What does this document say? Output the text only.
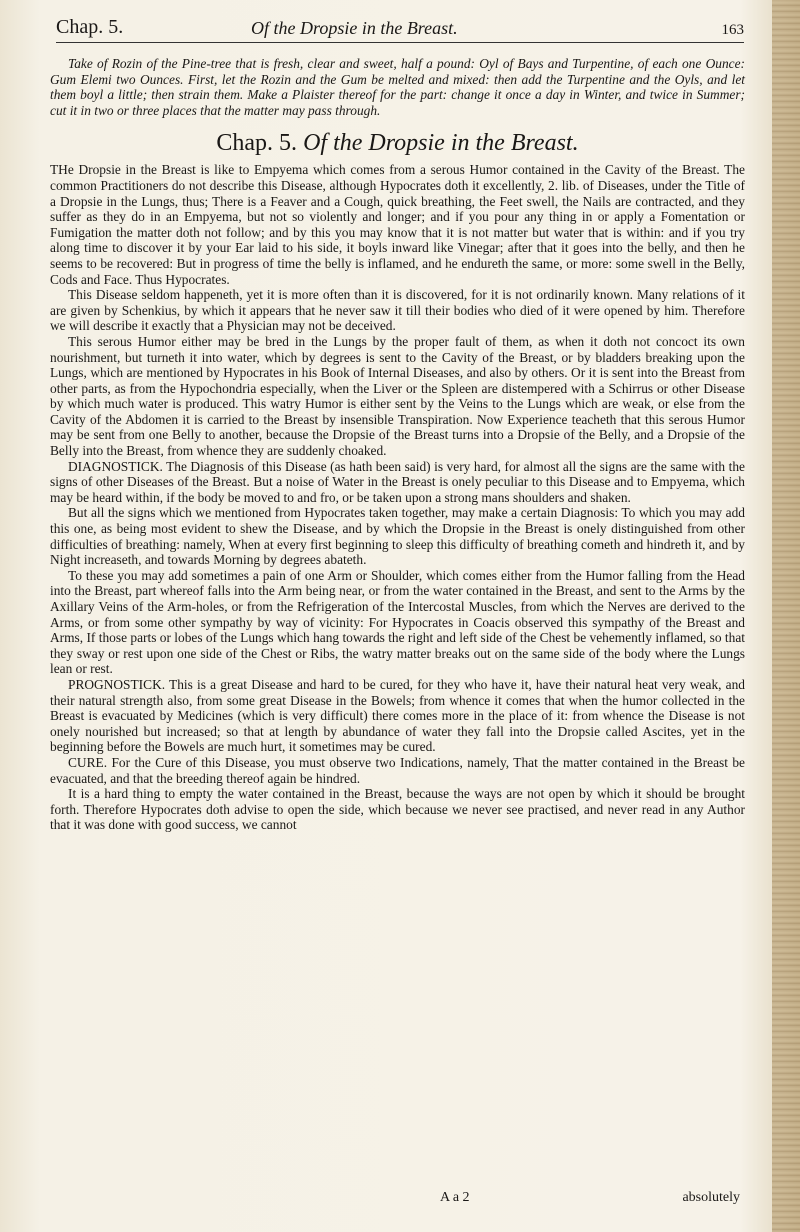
Chap. 5.	Of the Dropsie in the Breast.	163

Take of Rozin of the Pine-tree that is fresh, clear and sweet, half a pound: Oyl of Bays and Turpentine, of each one Ounce: Gum Elemi two Ounces. First, let the Rozin and the Gum be melted and mixed: then add the Turpentine and the Oyls, and let them boyl a little; then strain them. Make a Plaister thereof for the part: change it once a day in Winter, and twice in Summer; cut it in two or three places that the matter may pass through.

Chap. 5. Of the Dropsie in the Breast.

THe Dropsie in the Breast is like to Empyema which comes from a serous Humor contained in the Cavity of the Breast. The common Practitioners do not describe this Disease, although Hypocrates doth it excellently, 2. lib. of Diseases, under the Title of a Dropsie in the Lungs, thus; There is a Feaver and a Cough, quick breathing, the Feet swell, the Nails are contracted, and they suffer as they do in an Empyema, but not so violently and longer; and if you pour any thing in or apply a Fomentation or Fumigation the matter doth not follow; and by this you may know that it is not matter but water that is within: and if you try along time to discover it by your Ear laid to his side, it boyls inward like Vinegar; after that it goes into the belly, and then he seems to be recovered: But in progress of time the belly is inflamed, and he endureth the same, or more: some swell in the Belly, Cods and Face. Thus Hypocrates.

This Disease seldom happeneth, yet it is more often than it is discovered, for it is not ordinarily known. Many relations of it are given by Schenkius, by which it appears that he never saw it till their bodies who died of it were opened by him. Therefore we will describe it exactly that a Physician may not be deceived.

This serous Humor either may be bred in the Lungs by the proper fault of them, as when it doth not concoct its own nourishment, but turneth it into water, which by degrees is sent to the Cavity of the Breast, or by bladders breaking upon the Lungs, which are mentioned by Hypocrates in his Book of Internal Diseases, and also by others. Or it is sent into the Breast from other parts, as from the Hypochondria especially, when the Liver or the Spleen are distempered with a Schirrus or other Disease by which much water is produced. This watry Humor is either sent by the Veins to the Lungs which are weak, or else from the Cavity of the Abdomen it is carried to the Breast by insensible Transpiration. Now Experience teacheth that this serous Humor may be sent from one Belly to another, because the Dropsie of the Breast turns into a Dropsie of the Belly, and a Dropsie of the Belly into the Breast, from whence they are suddenly choaked.

DIAGNOSTICK. The Diagnosis of this Disease (as hath been said) is very hard, for almost all the signs are the same with the signs of other Diseases of the Breast. But a noise of Water in the Breast is onely peculiar to this Disease and to Empyema, which may be heard within, if the body be moved to and fro, or be taken upon a strong mans shoulders and shaken.

But all the signs which we mentioned from Hypocrates taken together, may make a certain Diagnosis: To which you may add this one, as being most evident to shew the Disease, and by which the Dropsie in the Breast is onely distinguished from other difficulties of breathing: namely, When at every first beginning to sleep this difficulty of breathing cometh and hindreth it, and by Night increaseth, and towards Morning by degrees abateth.

To these you may add sometimes a pain of one Arm or Shoulder, which comes either from the Humor falling from the Head into the Breast, part whereof falls into the Arm being near, or from the water contained in the Breast, and sent to the Arms by the Axillary Veins of the Arm-holes, or from the Refrigeration of the Intercostal Muscles, from which the Nerves are derived to the Arms, or from some other sympathy by way of vicinity: For Hypocrates in Coacis observed this sympathy of the Breast and Arms, If those parts or lobes of the Lungs which hang towards the right and left side of the Chest be vehemently inflamed, so that they sway or rest upon one side of the Chest or Ribs, the watry matter breaks out on the same side of the body where the Lungs lean or rest.

PROGNOSTICK. This is a great Disease and hard to be cured, for they who have it, have their natural heat very weak, and their natural strength also, from some great Disease in the Bowels; from whence it comes that when the humor collected in the Breast is evacuated by Medicines (which is very difficult) there comes more in the place of it: from whence the Disease is not onely nourished but increased; so that at length by abundance of water they fall into the Dropsie called Ascites, yet in the beginning before the Bowels are much hurt, it sometimes may be cured.

CURE. For the Cure of this Disease, you must observe two Indications, namely, That the matter contained in the Breast be evacuated, and that the breeding thereof again be hindred.

It is a hard thing to empty the water contained in the Breast, because the ways are not open by which it should be brought forth. Therefore Hypocrates doth advise to open the side, which because we never see practised, and never read in any Author that it was done with good success, we cannot

A a 2	absolutely
